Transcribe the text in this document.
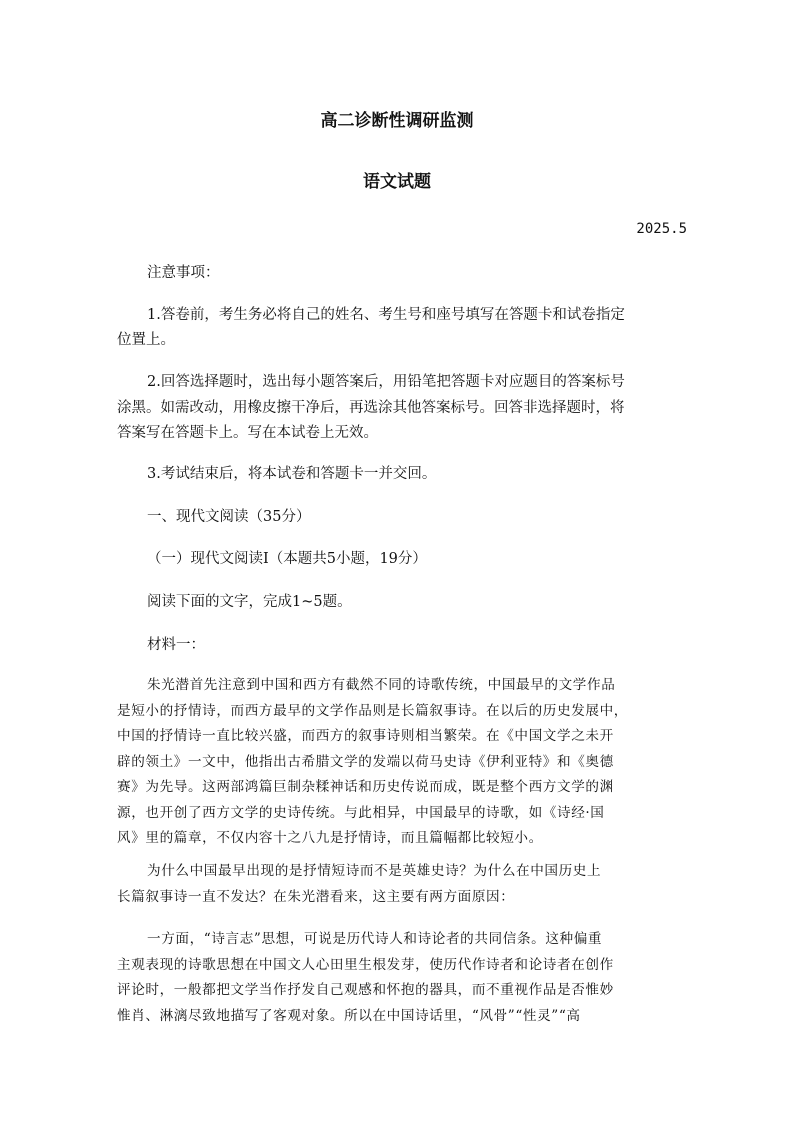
高二诊断性调研监测
语文试题
2025.5
注意事项：
1.答卷前，考生务必将自己的姓名、考生号和座号填写在答题卡和试卷指定
位置上。
2.回答选择题时，选出每小题答案后，用铅笔把答题卡对应题目的答案标号
涂黑。如需改动，用橡皮擦干净后，再选涂其他答案标号。回答非选择题时，将
答案写在答题卡上。写在本试卷上无效。
3.考试结束后，将本试卷和答题卡一并交回。
一、现代文阅读（35分）
（一）现代文阅读Ⅰ（本题共5小题，19分）
阅读下面的文字，完成1~5题。
材料一：
朱光潜首先注意到中国和西方有截然不同的诗歌传统，中国最早的文学作品
是短小的抒情诗，而西方最早的文学作品则是长篇叙事诗。在以后的历史发展中，
中国的抒情诗一直比较兴盛，而西方的叙事诗则相当繁荣。在《中国文学之未开
辟的领土》一文中，他指出古希腊文学的发端以荷马史诗《伊利亚特》和《奥德
赛》为先导。这两部鸿篇巨制杂糅神话和历史传说而成，既是整个西方文学的渊
源，也开创了西方文学的史诗传统。与此相异，中国最早的诗歌，如《诗经·国
风》里的篇章，不仅内容十之八九是抒情诗，而且篇幅都比较短小。
为什么中国最早出现的是抒情短诗而不是英雄史诗？为什么在中国历史上
长篇叙事诗一直不发达？在朱光潜看来，这主要有两方面原因：
一方面，“诗言志”思想，可说是历代诗人和诗论者的共同信条。这种偏重
主观表现的诗歌思想在中国文人心田里生根发芽，使历代作诗者和论诗者在创作
评论时，一般都把文学当作抒发自己观感和怀抱的器具，而不重视作品是否惟妙
惟肖、淋漓尽致地描写了客观对象。所以在中国诗话里，“风骨”“性灵”“高
